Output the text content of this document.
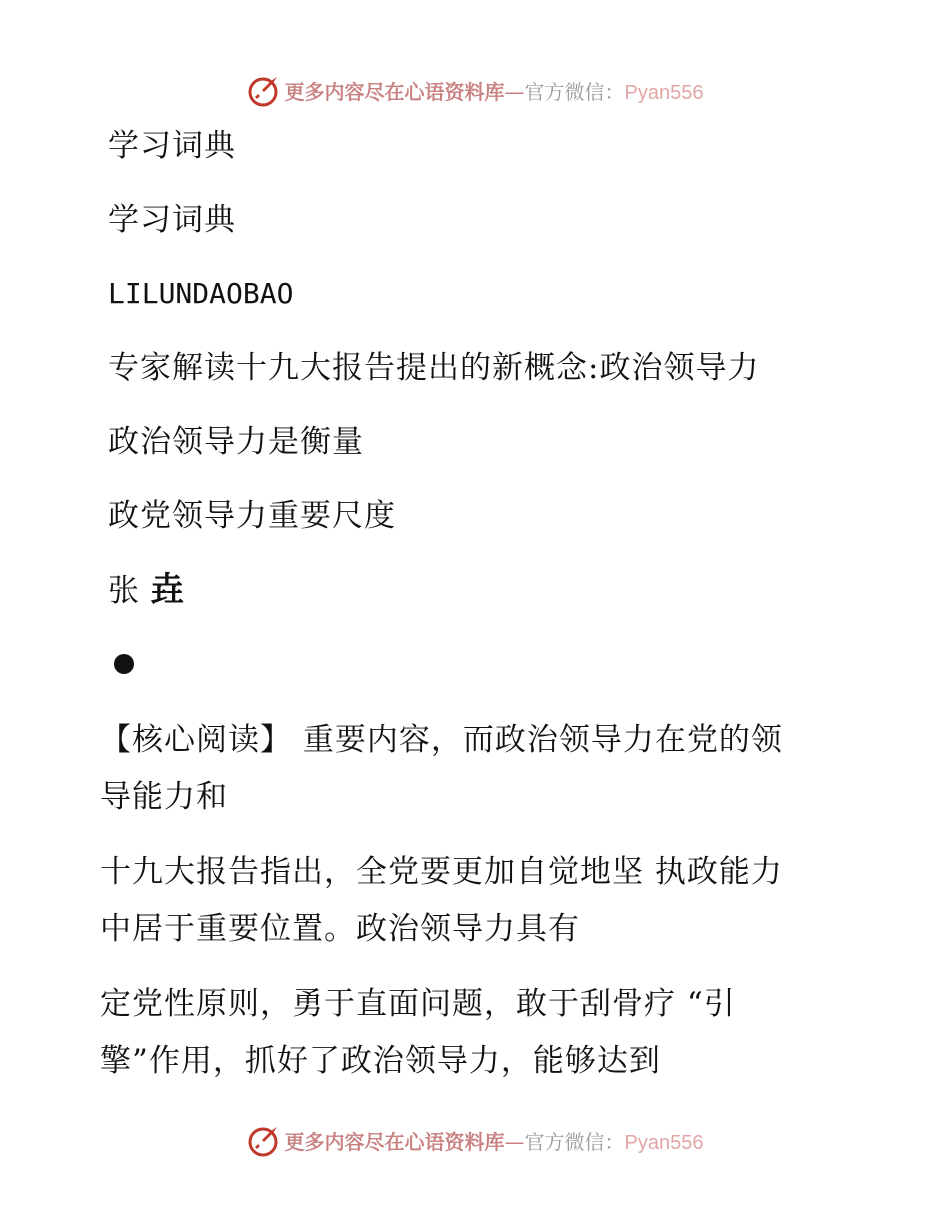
更多内容尽在心语资料库—官方微信：Pyan556
学习词典
学习词典
LILUNDAOBAO
专家解读十九大报告提出的新概念:政治领导力
政治领导力是衡量
政党领导力重要尺度
张 垚
【核心阅读】 重要内容，而政治领导力在党的领
导能力和
十九大报告指出，全党要更加自觉地坚 执政能力
中居于重要位置。政治领导力具有
定党性原则，勇于直面问题，敢于刮骨疗 “引
擎”作用，抓好了政治领导力，能够达到
更多内容尽在心语资料库—官方微信：Pyan556
